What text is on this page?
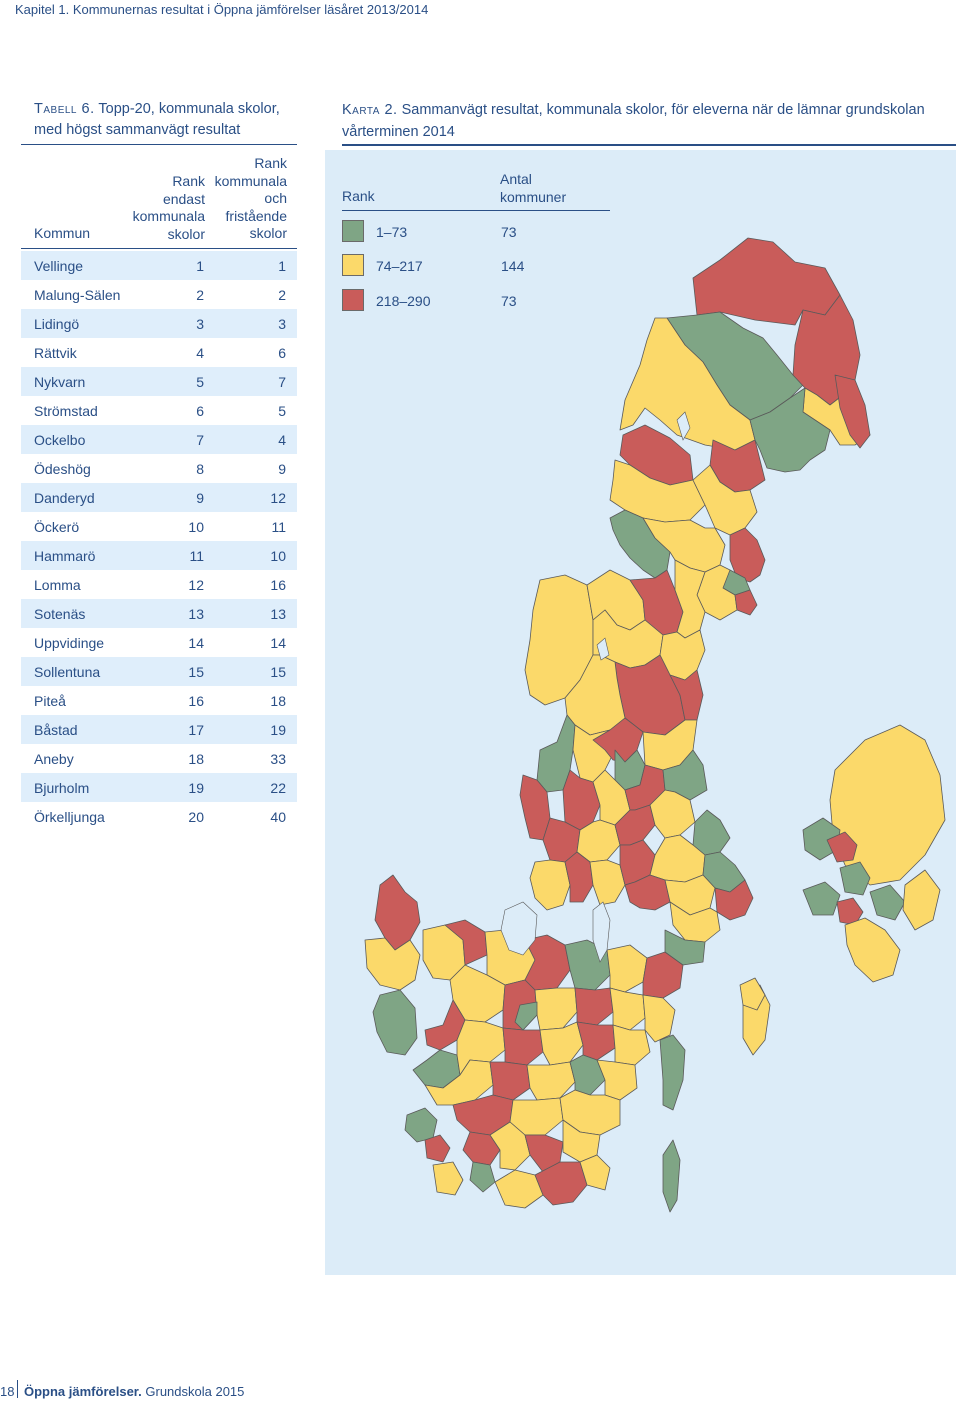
Kapitel 1. Kommunernas resultat i Öppna jämförelser läsåret 2013/2014
Tabell 6. Topp-20, kommunala skolor, med högst sammanvägt resultat
Kommun
Rank
endast
kommunala
skolor
Rank
kommunala
och
fristående
skolor
Vellinge	1	1
Malung-Sälen	2	2
Lidingö	3	3
Rättvik	4	6
Nykvarn	5	7
Strömstad	6	5
Ockelbo	7	4
Ödeshög	8	9
Danderyd	9	12
Öckerö	10	11
Hammarö	11	10
Lomma	12	16
Sotenäs	13	13
Uppvidinge	14	14
Sollentuna	15	15
Piteå	16	18
Båstad	17	19
Aneby	18	33
Bjurholm	19	22
Örkelljunga	20	40
Karta 2. Sammanvägt resultat, kommunala skolor, för eleverna när de lämnar grundskolan vårterminen 2014
Rank
Antal
kommuner
1–73	73
74–217	144
218–290	73
18 Öppna jämförelser. Grundskola 2015
